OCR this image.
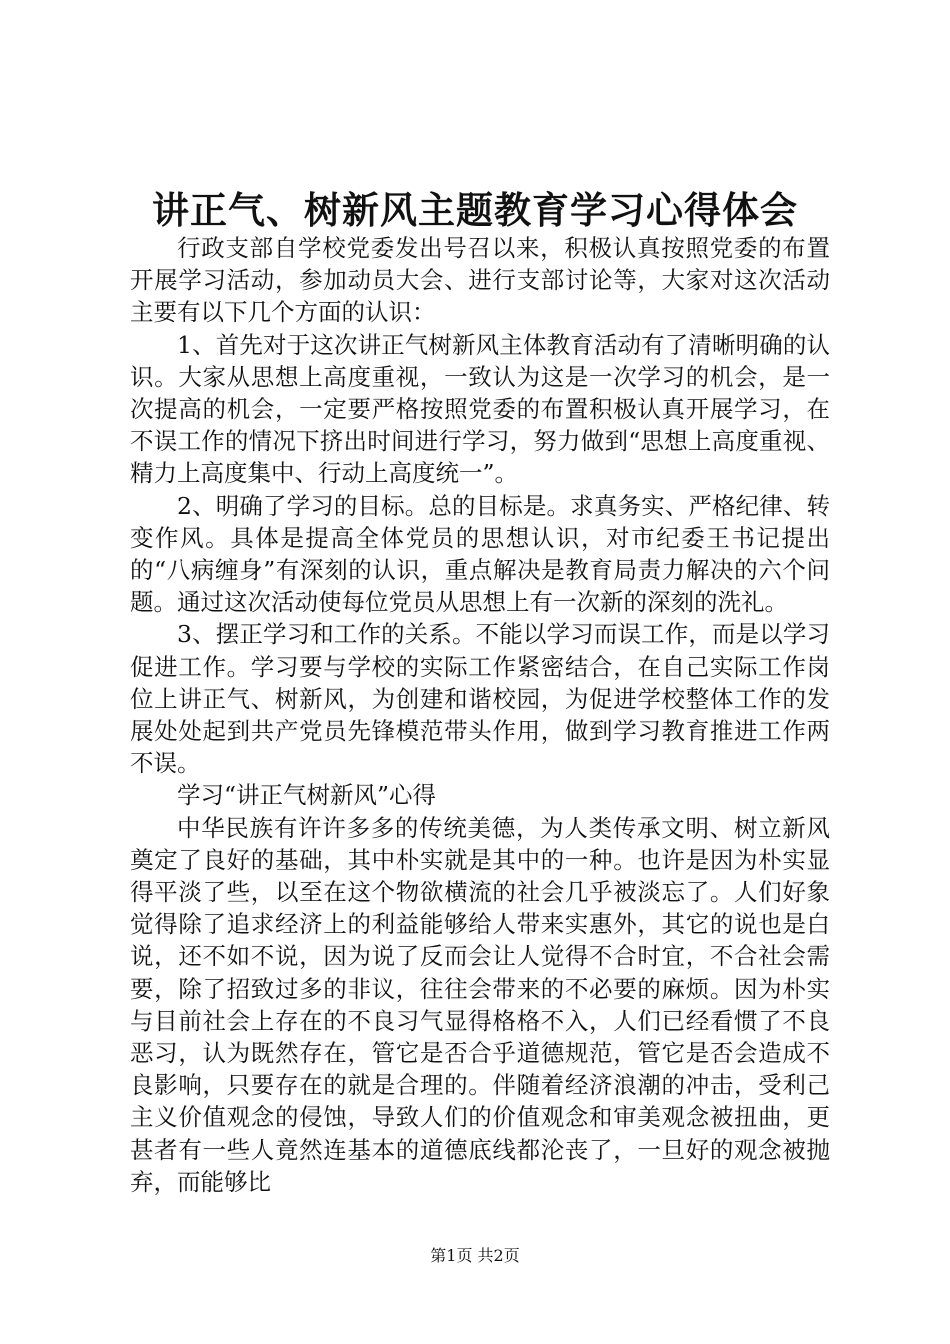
讲正气、树新风主题教育学习心得体会

行政支部自学校党委发出号召以来，积极认真按照党委的布置开展学习活动，参加动员大会、进行支部讨论等，大家对这次活动主要有以下几个方面的认识：

1、首先对于这次讲正气树新风主体教育活动有了清晰明确的认识。大家从思想上高度重视，一致认为这是一次学习的机会，是一次提高的机会，一定要严格按照党委的布置积极认真开展学习，在不误工作的情况下挤出时间进行学习，努力做到“思想上高度重视、精力上高度集中、行动上高度统一”。

2、明确了学习的目标。总的目标是。求真务实、严格纪律、转变作风。具体是提高全体党员的思想认识，对市纪委王书记提出的“八病缠身”有深刻的认识，重点解决是教育局责力解决的六个问题。通过这次活动使每位党员从思想上有一次新的深刻的洗礼。

3、摆正学习和工作的关系。不能以学习而误工作，而是以学习促进工作。学习要与学校的实际工作紧密结合，在自己实际工作岗位上讲正气、树新风，为创建和谐校园，为促进学校整体工作的发展处处起到共产党员先锋模范带头作用，做到学习教育推进工作两不误。

学习“讲正气树新风”心得

中华民族有许许多多的传统美德，为人类传承文明、树立新风奠定了良好的基础，其中朴实就是其中的一种。也许是因为朴实显得平淡了些，以至在这个物欲横流的社会几乎被淡忘了。人们好象觉得除了追求经济上的利益能够给人带来实惠外，其它的说也是白说，还不如不说，因为说了反而会让人觉得不合时宜，不合社会需要，除了招致过多的非议，往往会带来的不必要的麻烦。因为朴实与目前社会上存在的不良习气显得格格不入，人们已经看惯了不良恶习，认为既然存在，管它是否合乎道德规范，管它是否会造成不良影响，只要存在的就是合理的。伴随着经济浪潮的冲击，受利己主义价值观念的侵蚀，导致人们的价值观念和审美观念被扭曲，更甚者有一些人竟然连基本的道德底线都沦丧了，一旦好的观念被抛弃，而能够比

第1页 共2页
